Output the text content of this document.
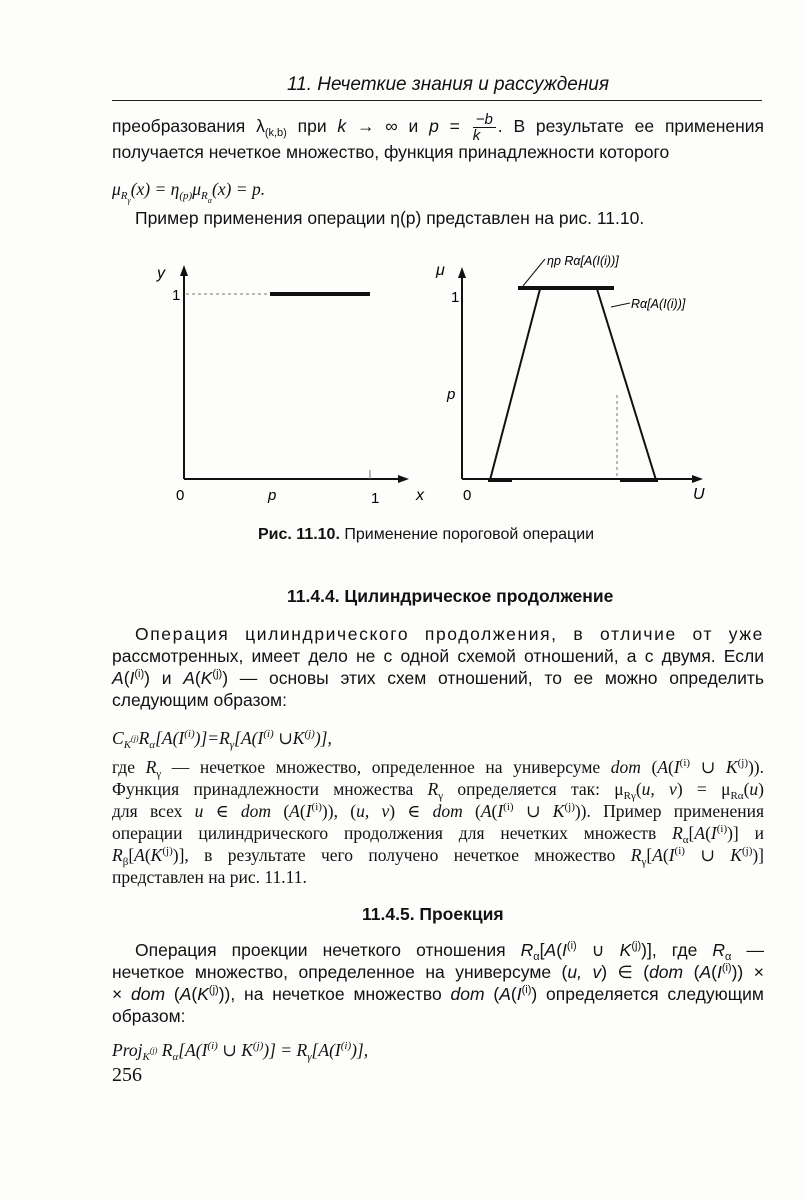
11. Нечеткие знания и рассуждения
преобразования $\lambda_{(k,b)}$ при k → ∞ и $p = \frac{-b}{k}$ . В результате ее применения
получается нечеткое множество, функция принадлежности которого
$\mu_{R_\gamma}(x) = \eta_{(p)}\mu_{R_\alpha}(x) = p$.
Пример применения операции η(p) представлен на рис. 11.10.
y
1
0	p	1 x
μ
1
p
0	U
ηp Rα[A(I(i))]
Rα[A(I(i))]
Рис. 11.10. Применение пороговой операции
11.4.4. Цилиндрическое продолжение
Операция цилиндрического продолжения, в отличие от уже
рассмотренных, имеет дело не с одной схемой отношений, а с двумя. Если
$A(I^{(i)})$ и $A(K^{(j)})$ — основы этих схем отношений, то ее можно определить
следующим образом:
$C_{K^{(j)}}R_\alpha[A(I^{(i)})]=R_\gamma[A(I^{(i)}$ $\cup K^{(j)}$)],
где $R_\gamma$ — нечеткое множество, определенное на универсуме dom ($A(I^{(i)}$ ∪ $K^{(j)}$)).
Функция принадлежности множества $R_\gamma$ определяется так: $\mu_{R\gamma}(u$, $v) = \mu_{R\alpha}(u)$
для всех u ∈ dom $(A(I^{(i)}))$, (u, v) ∈ dom ($A(I^{(i)}$ ∪ $K^{(j)}$)). Пример применения
операции цилиндрического продолжения для нечетких множеств $R_\alpha[A(I^{(i)})]$ и
$R_\beta[A(K^{(j)})]$, в результате чего получено нечеткое множество $R_\gamma[A(I^{(i)}$ ∪ $K^{(j)}$)]
представлен на рис. 11.11.
11.4.5. Проекция
Операция проекции нечеткого отношения $R_\alpha[A(I^{(i)}$ ∪ $K^{(j)}$)], где $R_\alpha$ —
нечеткое множество, определенное на универсуме (u, v) ∈ (dom $(A(I^{(i)}))$ ×
× dom $(A(K^{(j)}))$, на нечеткое множество dom ($A(I^{(i)})$ определяется следующим
образом:
Proj$_{K^{(j)}}$ $R_\alpha[A(I^{(i)}$ ∪ $K^{(j)})] = R_\gamma[A(I^{(i)})]$,
256
